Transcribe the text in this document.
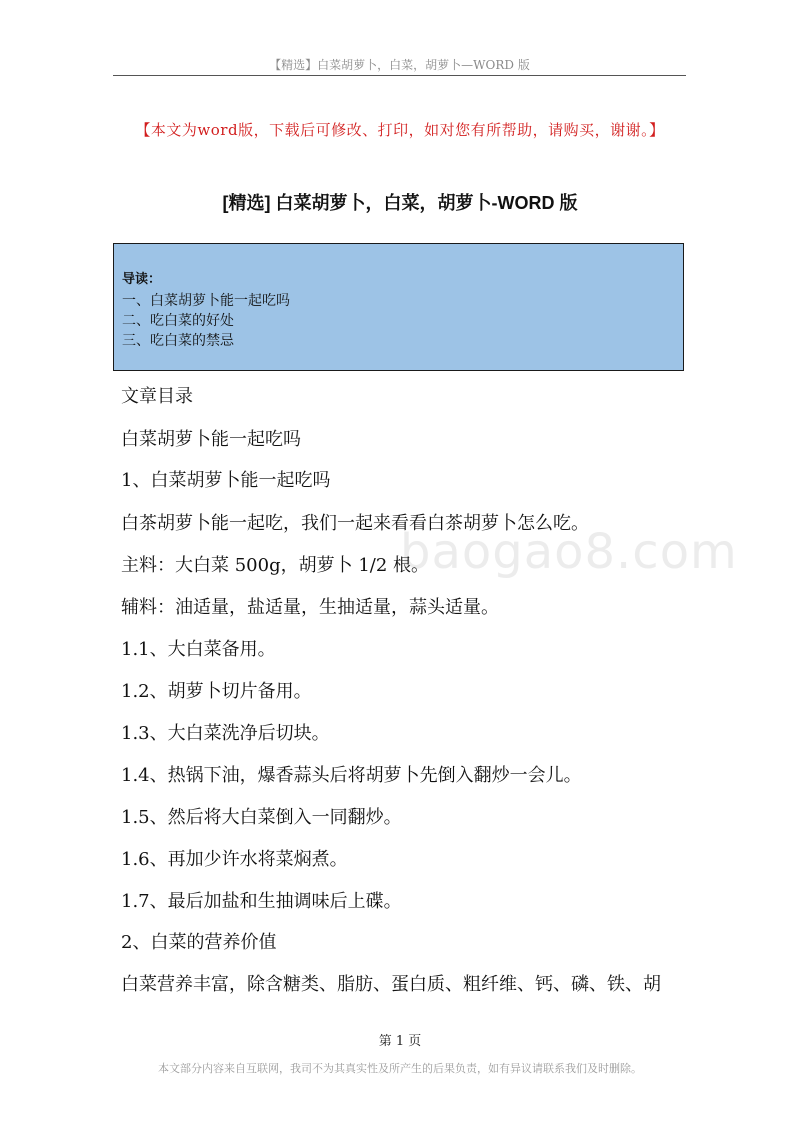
【精选】白菜胡萝卜，白菜，胡萝卜—WORD 版
【本文为word版，下载后可修改、打印，如对您有所帮助，请购买，谢谢。】
[精选] 白菜胡萝卜，白菜，胡萝卜-WORD 版
导读：
一、白菜胡萝卜能一起吃吗
二、吃白菜的好处
三、吃白菜的禁忌
baogao8.com
文章目录
白菜胡萝卜能一起吃吗
1、白菜胡萝卜能一起吃吗
白茶胡萝卜能一起吃，我们一起来看看白茶胡萝卜怎么吃。
主料：大白菜 500g，胡萝卜 1/2 根。
辅料：油适量，盐适量，生抽适量，蒜头适量。
1.1、大白菜备用。
1.2、胡萝卜切片备用。
1.3、大白菜洗净后切块。
1.4、热锅下油，爆香蒜头后将胡萝卜先倒入翻炒一会儿。
1.5、然后将大白菜倒入一同翻炒。
1.6、再加少许水将菜焖煮。
1.7、最后加盐和生抽调味后上碟。
2、白菜的营养价值
白菜营养丰富，除含糖类、脂肪、蛋白质、粗纤维、钙、磷、铁、胡
第 1 页
本文部分内容来自互联网，我司不为其真实性及所产生的后果负责，如有异议请联系我们及时删除。
